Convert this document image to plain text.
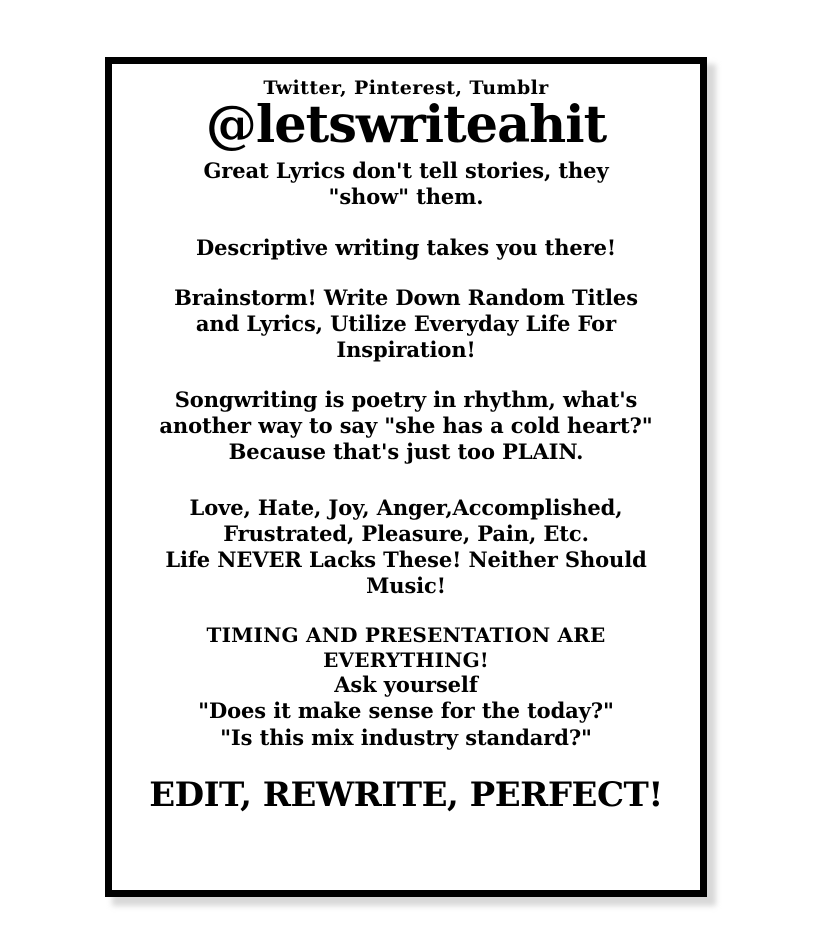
Twitter, Pinterest, Tumblr
@letswriteahit
Great Lyrics don't tell stories, they
"show" them.
Descriptive writing takes you there!
Brainstorm! Write Down Random Titles
and Lyrics, Utilize Everyday Life For
Inspiration!
Songwriting is poetry in rhythm, what's
another way to say "she has a cold heart?"
Because that's just too PLAIN.
Love, Hate, Joy, Anger,Accomplished,
Frustrated, Pleasure, Pain, Etc.
Life NEVER Lacks These! Neither Should
Music!
TIMING AND PRESENTATION ARE
EVERYTHING!
Ask yourself
"Does it make sense for the today?"
"Is this mix industry standard?"
EDIT, REWRITE, PERFECT!
